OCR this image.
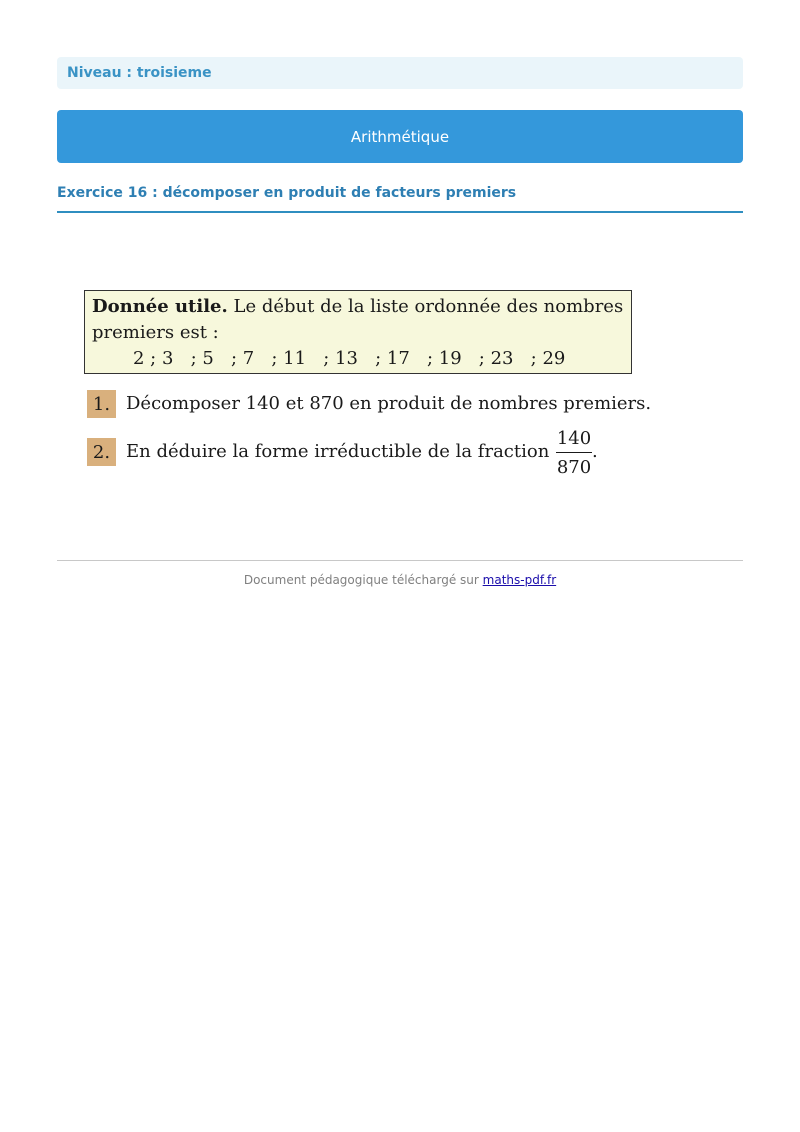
Niveau : troisieme
Arithmétique
Exercice 16 : décomposer en produit de facteurs premiers
Donnée utile. Le début de la liste ordonnée des nombres
premiers est :
2 ; 3   ; 5   ; 7   ; 11   ; 13   ; 17   ; 19   ; 23   ; 29
1. Décomposer 140 et 870 en produit de nombres premiers.
2. En déduire la forme irréductible de la fraction $\frac{140}{870}$ .
Document pédagogique téléchargé sur maths-pdf.fr
